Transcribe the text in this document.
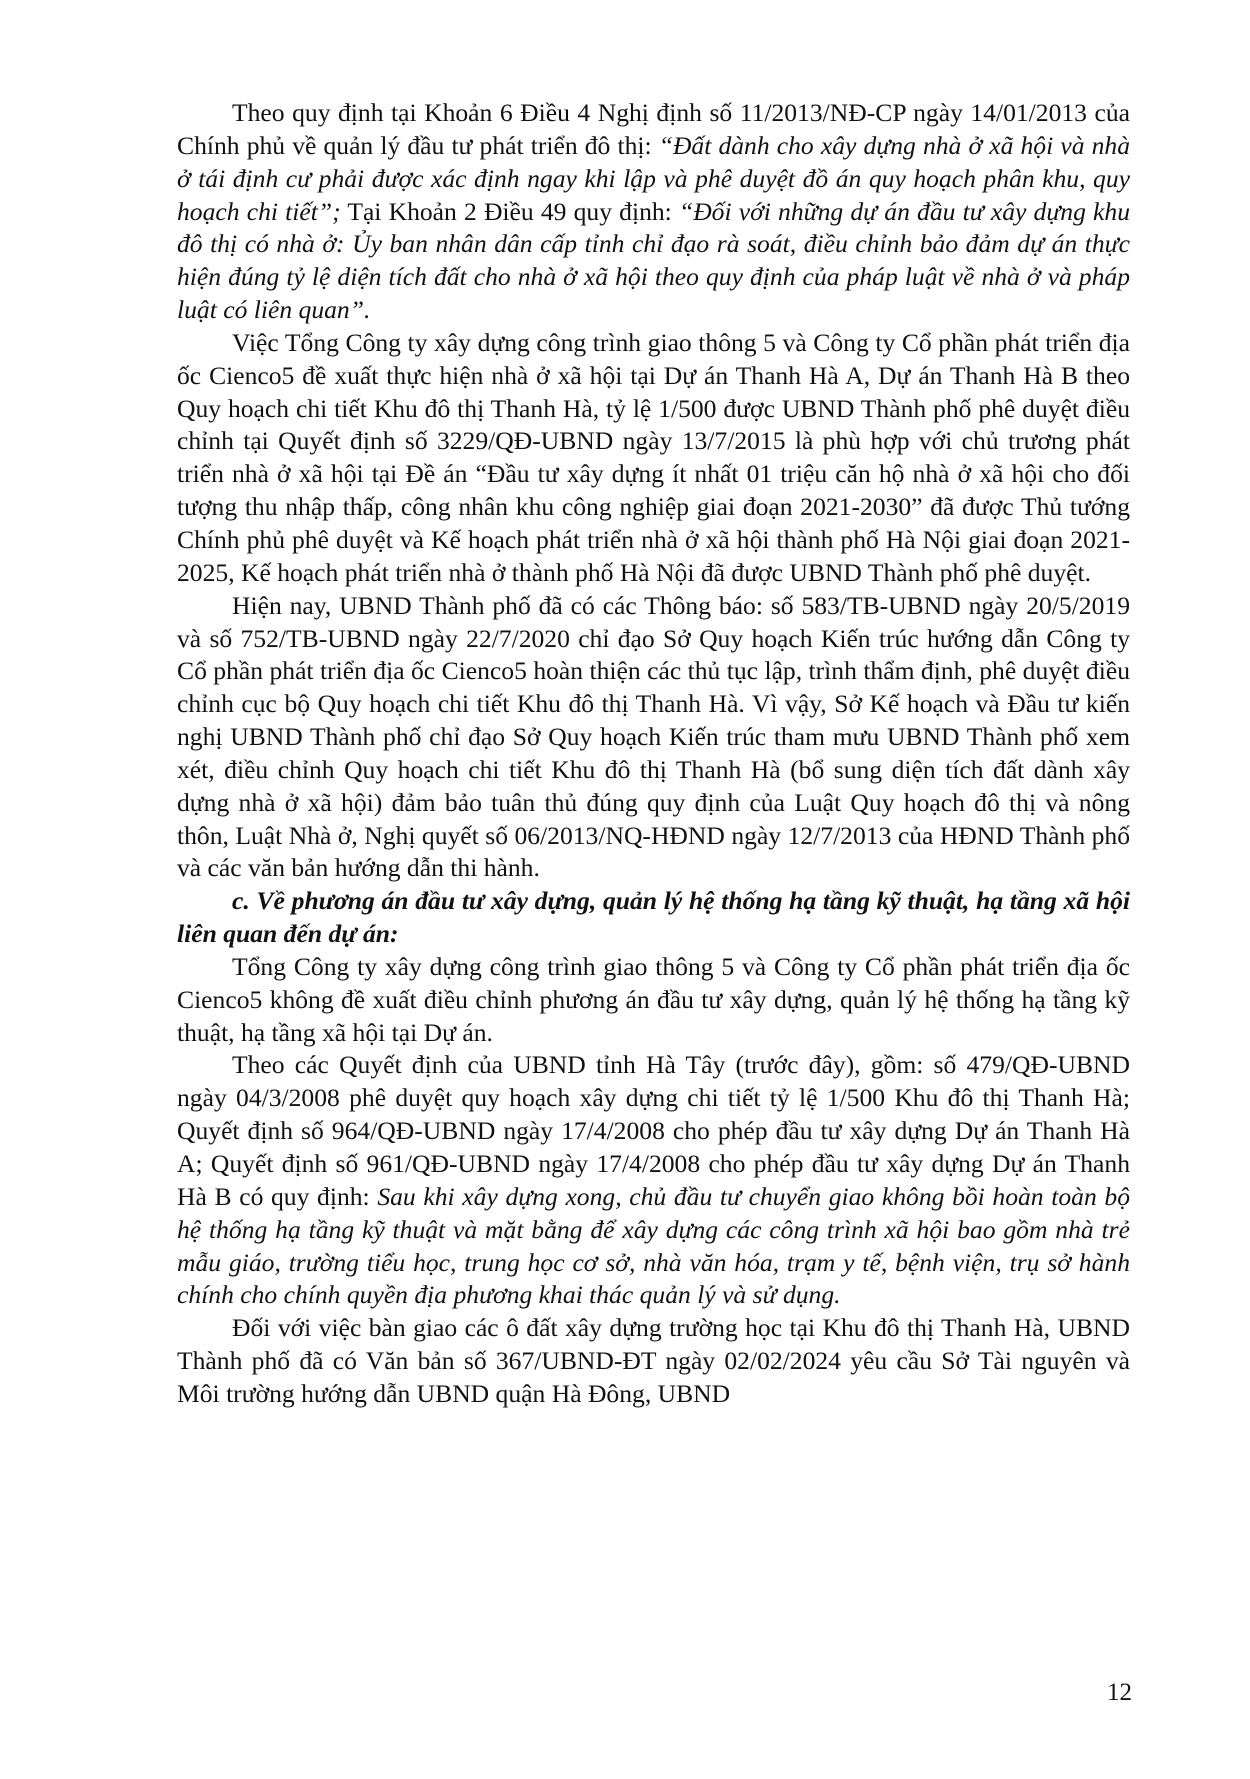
Theo quy định tại Khoản 6 Điều 4 Nghị định số 11/2013/NĐ-CP ngày 14/01/2013 của Chính phủ về quản lý đầu tư phát triển đô thị: “Đất dành cho xây dựng nhà ở xã hội và nhà ở tái định cư phải được xác định ngay khi lập và phê duyệt đồ án quy hoạch phân khu, quy hoạch chi tiết”; Tại Khoản 2 Điều 49 quy định: “Đối với những dự án đầu tư xây dựng khu đô thị có nhà ở: Ủy ban nhân dân cấp tỉnh chỉ đạo rà soát, điều chỉnh bảo đảm dự án thực hiện đúng tỷ lệ diện tích đất cho nhà ở xã hội theo quy định của pháp luật về nhà ở và pháp luật có liên quan”.

Việc Tổng Công ty xây dựng công trình giao thông 5 và Công ty Cổ phần phát triển địa ốc Cienco5 đề xuất thực hiện nhà ở xã hội tại Dự án Thanh Hà A, Dự án Thanh Hà B theo Quy hoạch chi tiết Khu đô thị Thanh Hà, tỷ lệ 1/500 được UBND Thành phố phê duyệt điều chỉnh tại Quyết định số 3229/QĐ-UBND ngày 13/7/2015 là phù hợp với chủ trương phát triển nhà ở xã hội tại Đề án “Đầu tư xây dựng ít nhất 01 triệu căn hộ nhà ở xã hội cho đối tượng thu nhập thấp, công nhân khu công nghiệp giai đoạn 2021-2030” đã được Thủ tướng Chính phủ phê duyệt và Kế hoạch phát triển nhà ở xã hội thành phố Hà Nội giai đoạn 2021-2025, Kế hoạch phát triển nhà ở thành phố Hà Nội đã được UBND Thành phố phê duyệt.

Hiện nay, UBND Thành phố đã có các Thông báo: số 583/TB-UBND ngày 20/5/2019 và số 752/TB-UBND ngày 22/7/2020 chỉ đạo Sở Quy hoạch Kiến trúc hướng dẫn Công ty Cổ phần phát triển địa ốc Cienco5 hoàn thiện các thủ tục lập, trình thẩm định, phê duyệt điều chỉnh cục bộ Quy hoạch chi tiết Khu đô thị Thanh Hà. Vì vậy, Sở Kế hoạch và Đầu tư kiến nghị UBND Thành phố chỉ đạo Sở Quy hoạch Kiến trúc tham mưu UBND Thành phố xem xét, điều chỉnh Quy hoạch chi tiết Khu đô thị Thanh Hà (bổ sung diện tích đất dành xây dựng nhà ở xã hội) đảm bảo tuân thủ đúng quy định của Luật Quy hoạch đô thị và nông thôn, Luật Nhà ở, Nghị quyết số 06/2013/NQ-HĐND ngày 12/7/2013 của HĐND Thành phố và các văn bản hướng dẫn thi hành.

c. Về phương án đầu tư xây dựng, quản lý hệ thống hạ tầng kỹ thuật, hạ tầng xã hội liên quan đến dự án:

Tổng Công ty xây dựng công trình giao thông 5 và Công ty Cổ phần phát triển địa ốc Cienco5 không đề xuất điều chỉnh phương án đầu tư xây dựng, quản lý hệ thống hạ tầng kỹ thuật, hạ tầng xã hội tại Dự án.

Theo các Quyết định của UBND tỉnh Hà Tây (trước đây), gồm: số 479/QĐ-UBND ngày 04/3/2008 phê duyệt quy hoạch xây dựng chi tiết tỷ lệ 1/500 Khu đô thị Thanh Hà; Quyết định số 964/QĐ-UBND ngày 17/4/2008 cho phép đầu tư xây dựng Dự án Thanh Hà A; Quyết định số 961/QĐ-UBND ngày 17/4/2008 cho phép đầu tư xây dựng Dự án Thanh Hà B có quy định: Sau khi xây dựng xong, chủ đầu tư chuyển giao không bồi hoàn toàn bộ hệ thống hạ tầng kỹ thuật và mặt bằng để xây dựng các công trình xã hội bao gồm nhà trẻ mẫu giáo, trường tiểu học, trung học cơ sở, nhà văn hóa, trạm y tế, bệnh viện, trụ sở hành chính cho chính quyền địa phương khai thác quản lý và sử dụng.

Đối với việc bàn giao các ô đất xây dựng trường học tại Khu đô thị Thanh Hà, UBND Thành phố đã có Văn bản số 367/UBND-ĐT ngày 02/02/2024 yêu cầu Sở Tài nguyên và Môi trường hướng dẫn UBND quận Hà Đông, UBND

12
